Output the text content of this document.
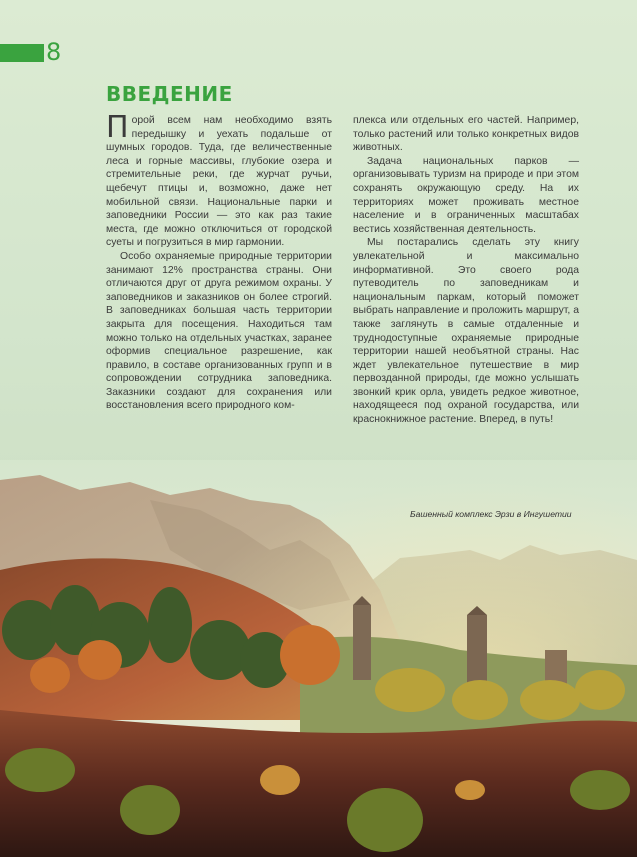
8
ВВЕДЕНИЕ

Порой всем нам необходимо взять передышку и уехать подальше от шумных городов. Туда, где величественные леса и горные массивы, глубокие озера и стремительные реки, где журчат ручьи, щебечут птицы и, возможно, даже нет мобильной связи. Национальные парки и заповедники России — это как раз такие места, где можно отключиться от городской суеты и погрузиться в мир гармонии.

Особо охраняемые природные территории занимают 12% пространства страны. Они отличаются друг от друга режимом охраны. У заповедников и заказников он более строгий. В заповедниках большая часть территории закрыта для посещения. Находиться там можно только на отдельных участках, заранее оформив специальное разрешение, как правило, в составе организованных групп и в сопровождении сотрудника заповедника. Заказники создают для сохранения или восстановления всего природного ком-

плекса или отдельных его частей. Например, только растений или только конкретных видов животных.

Задача национальных парков — организовывать туризм на природе и при этом сохранять окружающую среду. На их территориях может проживать местное население и в ограниченных масштабах вестись хозяйственная деятельность.

Мы постарались сделать эту книгу увлекательной и максимально информативной. Это своего рода путеводитель по заповедникам и национальным паркам, который поможет выбрать направление и проложить маршрут, а также заглянуть в самые отдаленные и труднодоступные охраняемые природные территории нашей необъятной страны. Нас ждет увлекательное путешествие в мир первозданной природы, где можно услышать звонкий крик орла, увидеть редкое животное, находящееся под охраной государства, или краснокнижное растение. Вперед, в путь!

Башенный комплекс Эрзи в Ингушетии
